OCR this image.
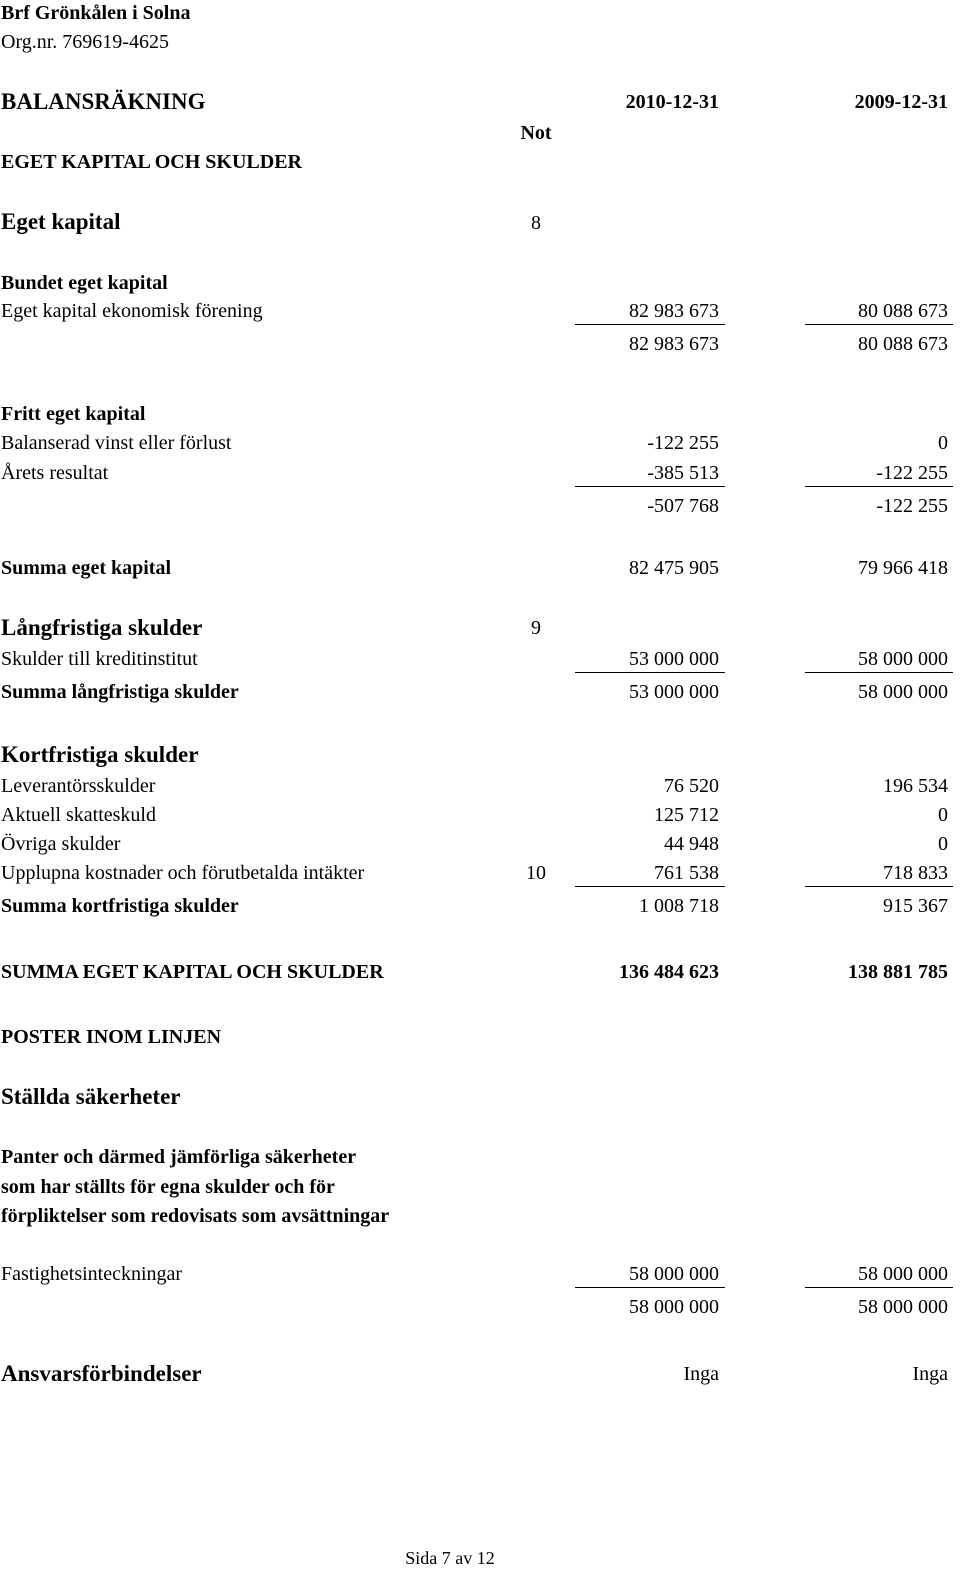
Brf Grönkålen i Solna
Org.nr. 769619-4625
BALANSRÄKNING	2010-12-31	2009-12-31
Not
EGET KAPITAL OCH SKULDER
Eget kapital	8
Bundet eget kapital
Eget kapital ekonomisk förening	82 983 673	80 088 673
82 983 673	80 088 673
Fritt eget kapital
Balanserad vinst eller förlust	-122 255	0
Årets resultat	-385 513	-122 255
-507 768	-122 255
Summa eget kapital	82 475 905	79 966 418
Långfristiga skulder	9
Skulder till kreditinstitut	53 000 000	58 000 000
Summa långfristiga skulder	53 000 000	58 000 000
Kortfristiga skulder
Leverantörsskulder	76 520	196 534
Aktuell skatteskuld	125 712	0
Övriga skulder	44 948	0
Upplupna kostnader och förutbetalda intäkter	10	761 538	718 833
Summa kortfristiga skulder	1 008 718	915 367
SUMMA EGET KAPITAL OCH SKULDER	136 484 623	138 881 785
POSTER INOM LINJEN
Ställda säkerheter
Panter och därmed jämförliga säkerheter
som har ställts för egna skulder och för
förpliktelser som redovisats som avsättningar
Fastighetsinteckningar	58 000 000	58 000 000
58 000 000	58 000 000
Ansvarsförbindelser	Inga	Inga
Sida 7 av 12
